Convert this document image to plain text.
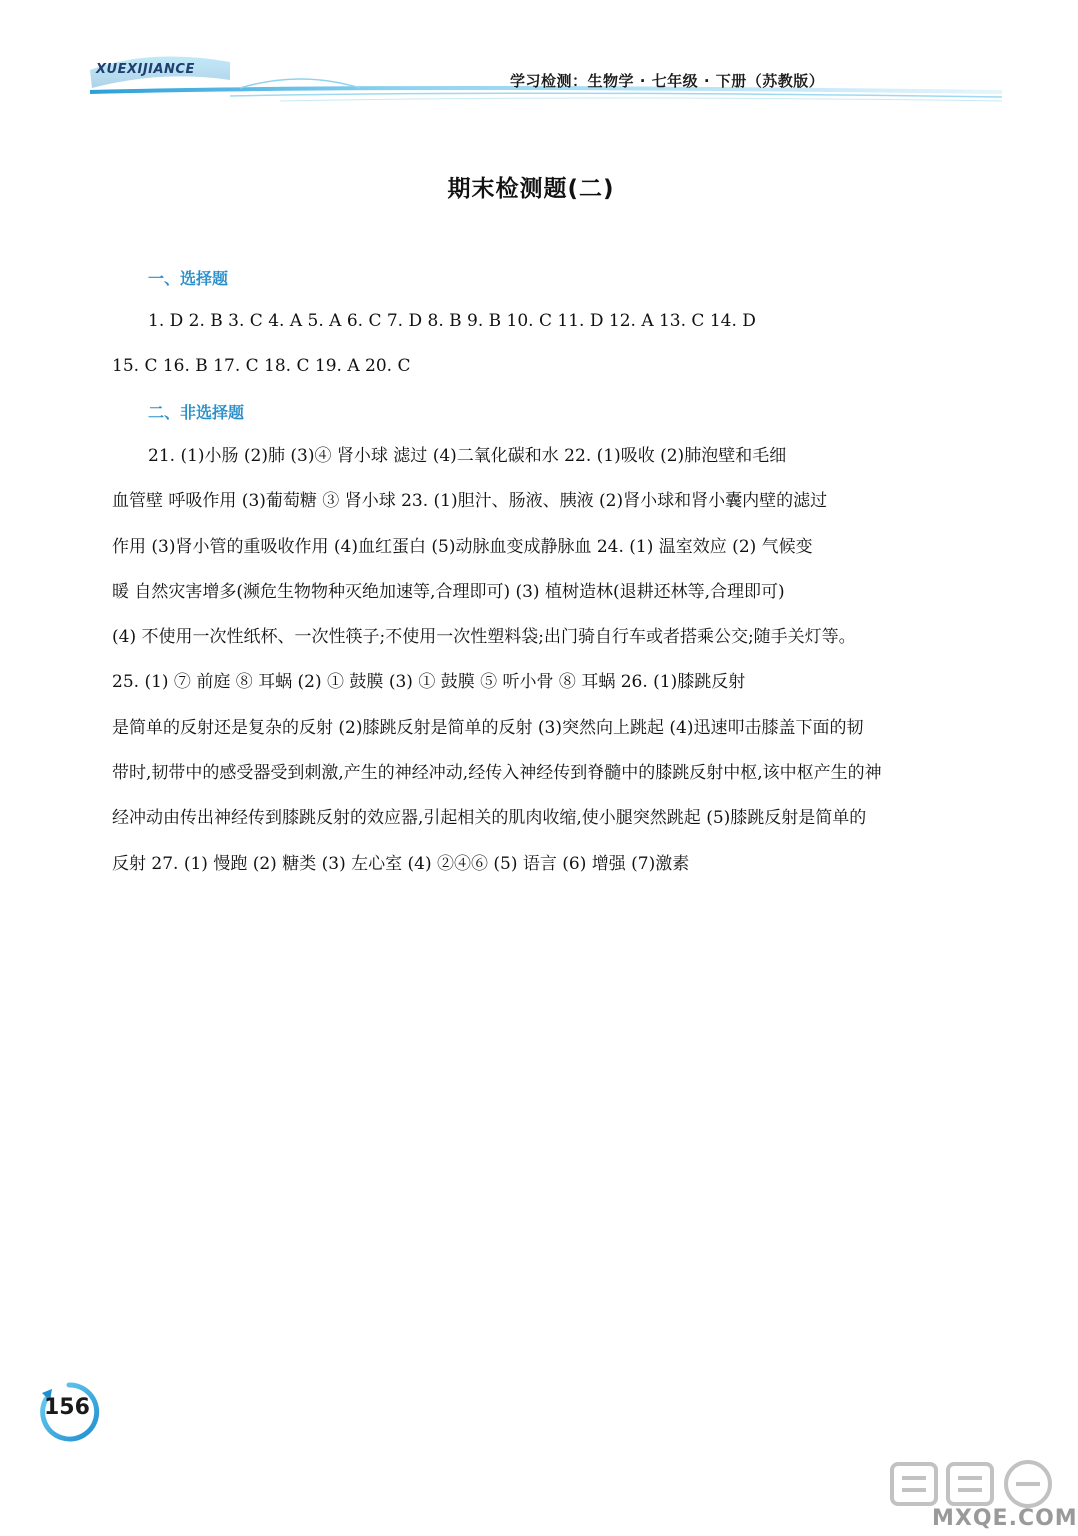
XUEXIJIANCE
学习检测：生物学 · 七年级 · 下册（苏教版）
期末检测题(二)
一、选择题
1. D 2. B 3. C 4. A 5. A 6. C 7. D 8. B 9. B 10. C 11. D 12. A 13. C 14. D
15. C 16. B 17. C 18. C 19. A 20. C
二、非选择题
21. (1)小肠 (2)肺 (3)④ 肾小球 滤过 (4)二氧化碳和水 22. (1)吸收 (2)肺泡壁和毛细
血管壁 呼吸作用 (3)葡萄糖 ③ 肾小球 23. (1)胆汁、肠液、胰液 (2)肾小球和肾小囊内壁的滤过
作用 (3)肾小管的重吸收作用 (4)血红蛋白 (5)动脉血变成静脉血 24. (1) 温室效应 (2) 气候变
暖 自然灾害增多(濒危生物物种灭绝加速等,合理即可) (3) 植树造林(退耕还林等,合理即可)
(4) 不使用一次性纸杯、一次性筷子;不使用一次性塑料袋;出门骑自行车或者搭乘公交;随手关灯等。
25. (1) ⑦ 前庭 ⑧ 耳蜗 (2) ① 鼓膜 (3) ① 鼓膜 ⑤ 听小骨 ⑧ 耳蜗 26. (1)膝跳反射
是简单的反射还是复杂的反射 (2)膝跳反射是简单的反射 (3)突然向上跳起 (4)迅速叩击膝盖下面的韧
带时,韧带中的感受器受到刺激,产生的神经冲动,经传入神经传到脊髓中的膝跳反射中枢,该中枢产生的神
经冲动由传出神经传到膝跳反射的效应器,引起相关的肌肉收缩,使小腿突然跳起 (5)膝跳反射是简单的
反射 27. (1) 慢跑 (2) 糖类 (3) 左心室 (4) ②④⑥ (5) 语言 (6) 增强 (7)激素
156
MXQE.COM
